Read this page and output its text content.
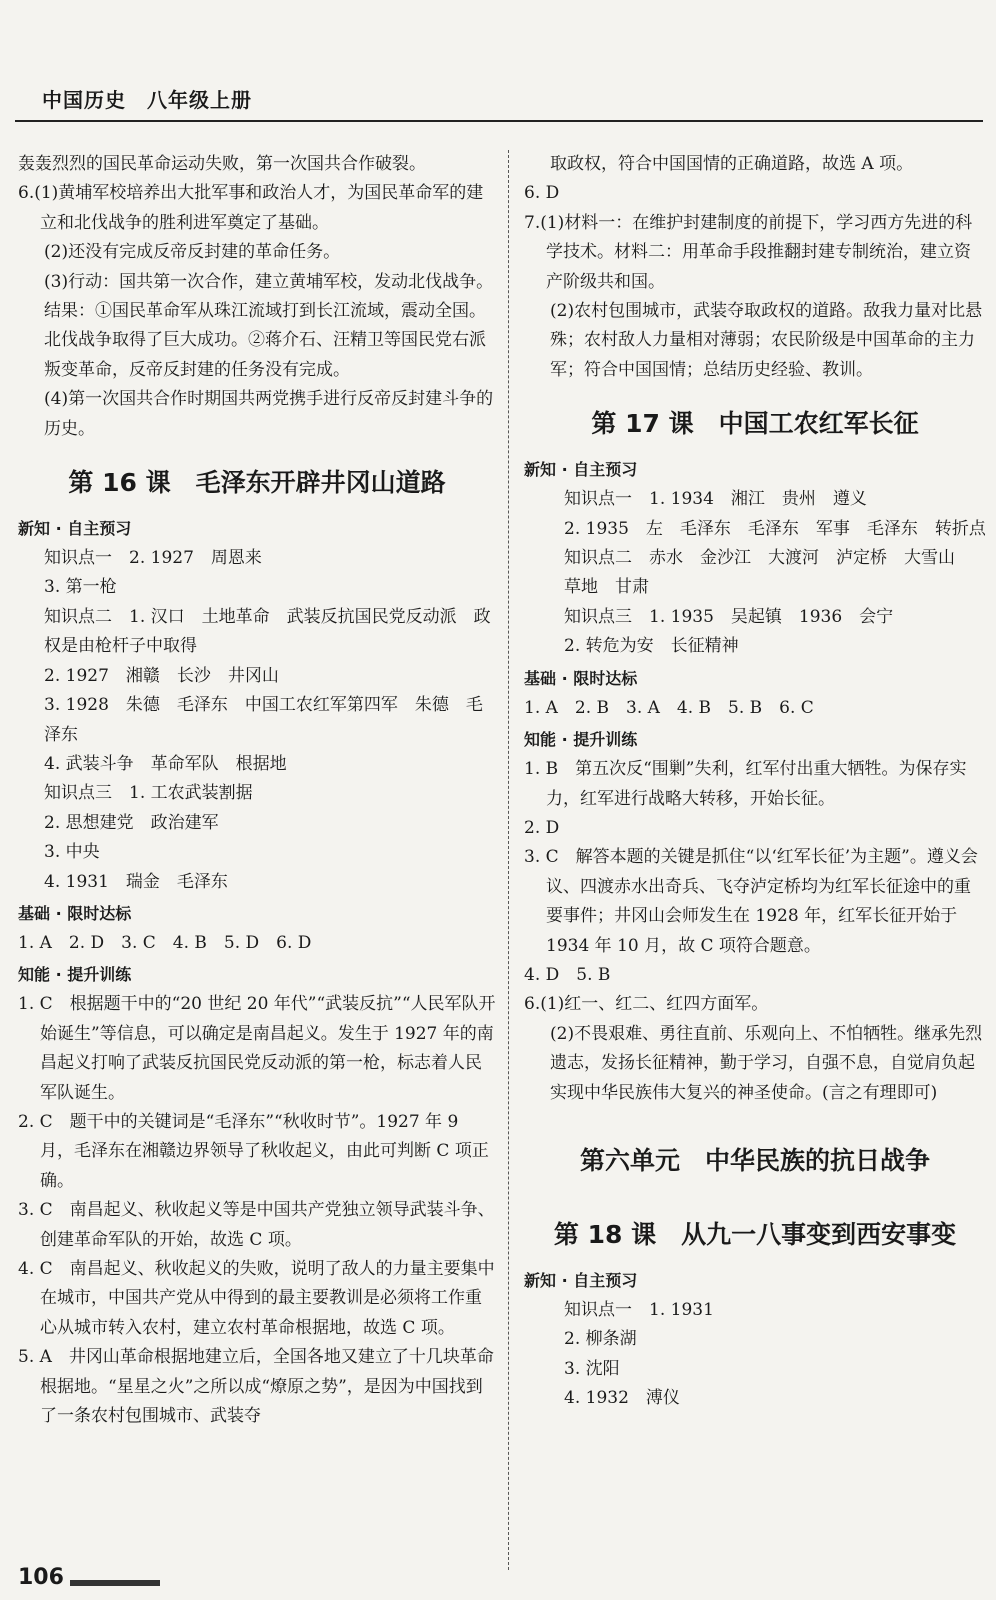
中国历史　八年级上册

轰轰烈烈的国民革命运动失败，第一次国共合作破裂。

6.(1)黄埔军校培养出大批军事和政治人才，为国民革命军的建立和北伐战争的胜利进军奠定了基础。

(2)还没有完成反帝反封建的革命任务。

(3)行动：国共第一次合作，建立黄埔军校，发动北伐战争。结果：①国民革命军从珠江流域打到长江流域，震动全国。北伐战争取得了巨大成功。②蒋介石、汪精卫等国民党右派叛变革命，反帝反封建的任务没有完成。

(4)第一次国共合作时期国共两党携手进行反帝反封建斗争的历史。

第 16 课　毛泽东开辟井冈山道路
新知 · 自主预习

知识点一　2. 1927　周恩来

3. 第一枪

知识点二　1. 汉口　土地革命　武装反抗国民党反动派　政权是由枪杆子中取得

2. 1927　湘赣　长沙　井冈山

3. 1928　朱德　毛泽东　中国工农红军第四军　朱德　毛泽东

4. 武装斗争　革命军队　根据地

知识点三　1. 工农武装割据

2. 思想建党　政治建军

3. 中央

4. 1931　瑞金　毛泽东

基础 · 限时达标

1. A　2. D　3. C　4. B　5. D　6. D

知能 · 提升训练

1. C　根据题干中的“20 世纪 20 年代”“武装反抗”“人民军队开始诞生”等信息，可以确定是南昌起义。发生于 1927 年的南昌起义打响了武装反抗国民党反动派的第一枪，标志着人民军队诞生。

2. C　题干中的关键词是“毛泽东”“秋收时节”。1927 年 9 月，毛泽东在湘赣边界领导了秋收起义，由此可判断 C 项正确。

3. C　南昌起义、秋收起义等是中国共产党独立领导武装斗争、创建革命军队的开始，故选 C 项。

4. C　南昌起义、秋收起义的失败，说明了敌人的力量主要集中在城市，中国共产党从中得到的最主要教训是必须将工作重心从城市转入农村，建立农村革命根据地，故选 C 项。

5. A　井冈山革命根据地建立后，全国各地又建立了十几块革命根据地。“星星之火”之所以成“燎原之势”，是因为中国找到了一条农村包围城市、武装夺

取政权，符合中国国情的正确道路，故选 A 项。

6. D

7.(1)材料一：在维护封建制度的前提下，学习西方先进的科学技术。材料二：用革命手段推翻封建专制统治，建立资产阶级共和国。

(2)农村包围城市，武装夺取政权的道路。敌我力量对比悬殊；农村敌人力量相对薄弱；农民阶级是中国革命的主力军；符合中国国情；总结历史经验、教训。

第 17 课　中国工农红军长征
新知 · 自主预习

知识点一　1. 1934　湘江　贵州　遵义

2. 1935　左　毛泽东　毛泽东　军事　毛泽东　转折点

知识点二　赤水　金沙江　大渡河　泸定桥　大雪山　草地　甘肃

知识点三　1. 1935　吴起镇　1936　会宁

2. 转危为安　长征精神

基础 · 限时达标

1. A　2. B　3. A　4. B　5. B　6. C

知能 · 提升训练

1. B　第五次反“围剿”失利，红军付出重大牺牲。为保存实力，红军进行战略大转移，开始长征。

2. D

3. C　解答本题的关键是抓住“以‘红军长征’为主题”。遵义会议、四渡赤水出奇兵、飞夺泸定桥均为红军长征途中的重要事件；井冈山会师发生在 1928 年，红军长征开始于 1934 年 10 月，故 C 项符合题意。

4. D　5. B

6.(1)红一、红二、红四方面军。

(2)不畏艰难、勇往直前、乐观向上、不怕牺牲。继承先烈遗志，发扬长征精神，勤于学习，自强不息，自觉肩负起实现中华民族伟大复兴的神圣使命。(言之有理即可)

第六单元　中华民族的抗日战争
第 18 课　从九一八事变到西安事变
新知 · 自主预习

知识点一　1. 1931

2. 柳条湖

3. 沈阳

4. 1932　溥仪

106
